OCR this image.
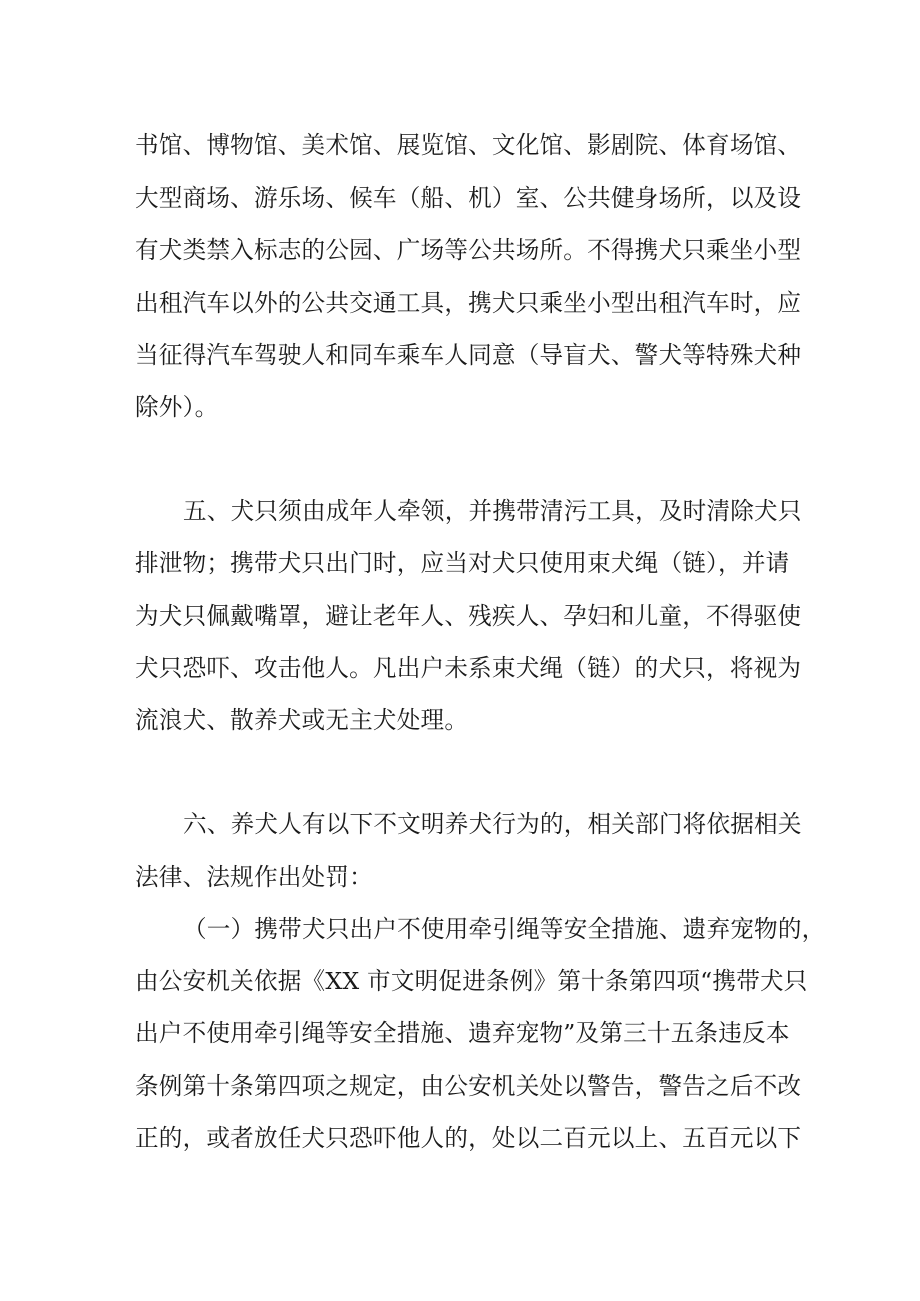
书馆、博物馆、美术馆、展览馆、文化馆、影剧院、体育场馆、
大型商场、游乐场、候车（船、机）室、公共健身场所，以及设
有犬类禁入标志的公园、广场等公共场所。不得携犬只乘坐小型
出租汽车以外的公共交通工具，携犬只乘坐小型出租汽车时，应
当征得汽车驾驶人和同车乘车人同意（导盲犬、警犬等特殊犬种
除外）。
五、犬只须由成年人牵领，并携带清污工具，及时清除犬只
排泄物；携带犬只出门时，应当对犬只使用束犬绳（链），并请
为犬只佩戴嘴罩，避让老年人、残疾人、孕妇和儿童，不得驱使
犬只恐吓、攻击他人。凡出户未系束犬绳（链）的犬只，将视为
流浪犬、散养犬或无主犬处理。
六、养犬人有以下不文明养犬行为的，相关部门将依据相关
法律、法规作出处罚：
（一）携带犬只出户不使用牵引绳等安全措施、遗弃宠物的，
由公安机关依据《XX 市文明促进条例》第十条第四项“携带犬只
出户不使用牵引绳等安全措施、遗弃宠物”及第三十五条违反本
条例第十条第四项之规定，由公安机关处以警告，警告之后不改
正的，或者放任犬只恐吓他人的，处以二百元以上、五百元以下
